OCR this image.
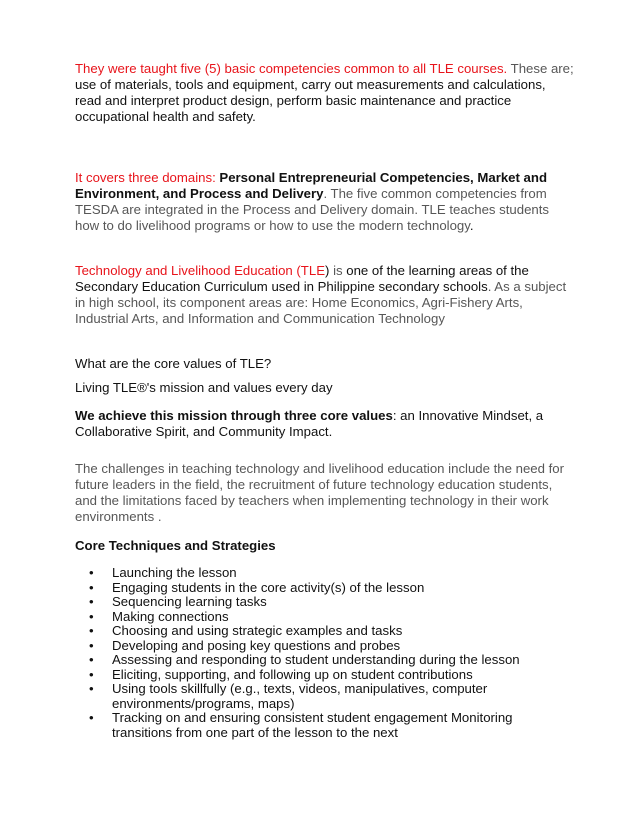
They were taught five (5) basic competencies common to all TLE courses. These are; use of materials, tools and equipment, carry out measurements and calculations, read and interpret product design, perform basic maintenance and practice occupational health and safety.

It covers three domains: Personal Entrepreneurial Competencies, Market and Environment, and Process and Delivery. The five common competencies from TESDA are integrated in the Process and Delivery domain. TLE teaches students how to do livelihood programs or how to use the modern technology.

Technology and Livelihood Education (TLE) is one of the learning areas of the Secondary Education Curriculum used in Philippine secondary schools. As a subject in high school, its component areas are: Home Economics, Agri-Fishery Arts, Industrial Arts, and Information and Communication Technology

What are the core values of TLE?

Living TLE®'s mission and values every day

We achieve this mission through three core values: an Innovative Mindset, a Collaborative Spirit, and Community Impact.

The challenges in teaching technology and livelihood education include the need for future leaders in the field, the recruitment of future technology education students, and the limitations faced by teachers when implementing technology in their work environments .

Core Techniques and Strategies

• Launching the lesson
• Engaging students in the core activity(s) of the lesson
• Sequencing learning tasks
• Making connections
• Choosing and using strategic examples and tasks
• Developing and posing key questions and probes
• Assessing and responding to student understanding during the lesson
• Eliciting, supporting, and following up on student contributions
• Using tools skillfully (e.g., texts, videos, manipulatives, computer environments/programs, maps)
• Tracking on and ensuring consistent student engagement Monitoring transitions from one part of the lesson to the next
